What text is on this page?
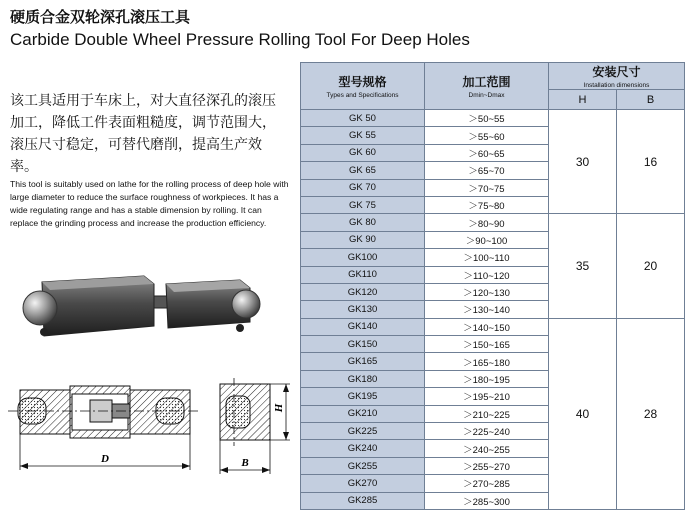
硬质合金双轮深孔滚压工具
Carbide Double Wheel Pressure Rolling Tool For Deep Holes
该工具适用于车床上，对大直径深孔的滚压加工，降低工件表面粗糙度，调节范围大，滚压尺寸稳定，可替代磨削，提高生产效率。
This tool is suitably used on lathe for the rolling process of deep hole with large diameter to reduce the surface roughness of workpieces. It has a wide regulating range and has a stable dimension by rolling. It can replace the grinding process and increase the production efficiency.
D	B
H
型号规格
Types and Specifications	加工范围
Dmin~Dmax	安装尺寸
Installation dimensions	

		H	B
GK 50	＞50~55	30	16
GK 55	＞55~60		
GK 60	＞60~65		
GK 65	＞65~70		
GK 70	＞70~75		
GK 75	＞75~80		
GK 80	＞80~90	35	20
GK 90	＞90~100		
GK100	＞100~110		
GK110	＞110~120		
GK120	＞120~130		
GK130	＞130~140		
GK140	＞140~150	40	28
GK150	＞150~165		
GK165	＞165~180		
GK180	＞180~195		
GK195	＞195~210		
GK210	＞210~225		
GK225	＞225~240		
GK240	＞240~255		
GK255	＞255~270		
GK270	＞270~285		
GK285	＞285~300		
